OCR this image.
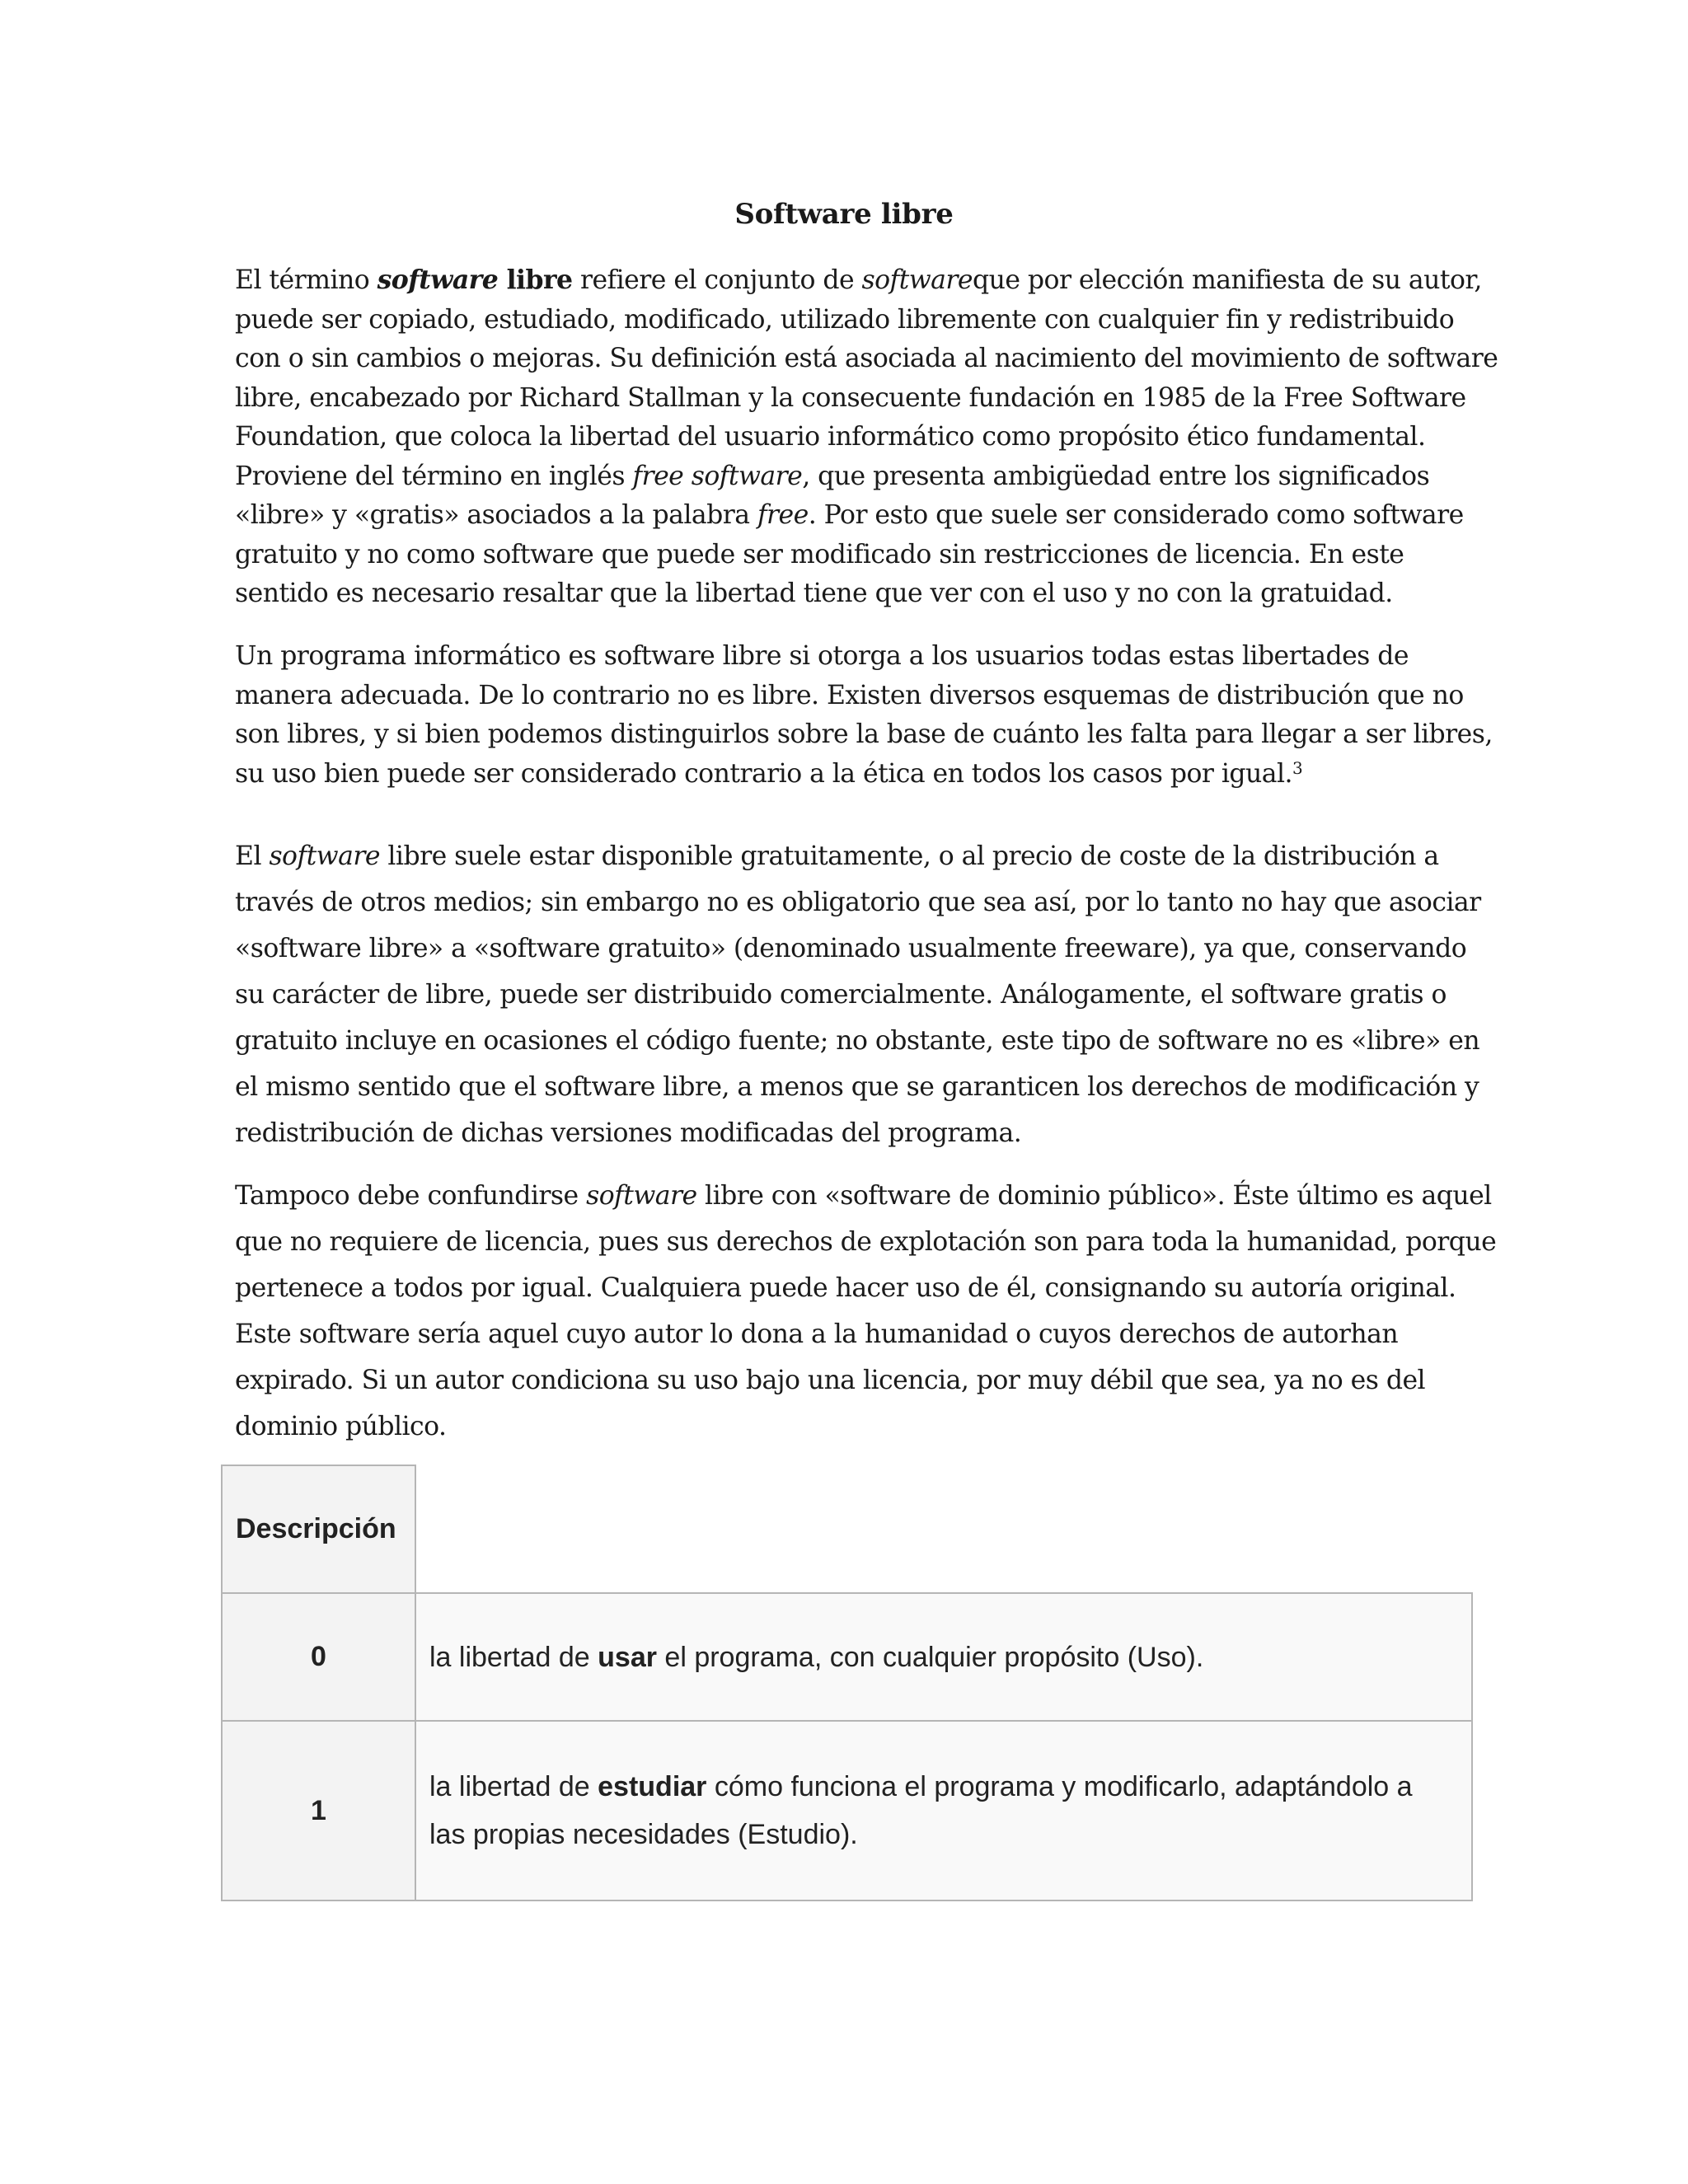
Software libre

El término software libre refiere el conjunto de softwareque por elección manifiesta de su autor,
puede ser copiado, estudiado, modificado, utilizado libremente con cualquier fin y redistribuido
con o sin cambios o mejoras. Su definición está asociada al nacimiento del movimiento de software
libre, encabezado por Richard Stallman y la consecuente fundación en 1985 de la Free Software
Foundation, que coloca la libertad del usuario informático como propósito ético fundamental.
Proviene del término en inglés free software, que presenta ambigüedad entre los significados
«libre» y «gratis» asociados a la palabra free. Por esto que suele ser considerado como software
gratuito y no como software que puede ser modificado sin restricciones de licencia. En este
sentido es necesario resaltar que la libertad tiene que ver con el uso y no con la gratuidad.

Un programa informático es software libre si otorga a los usuarios todas estas libertades de
manera adecuada. De lo contrario no es libre. Existen diversos esquemas de distribución que no
son libres, y si bien podemos distinguirlos sobre la base de cuánto les falta para llegar a ser libres,
su uso bien puede ser considerado contrario a la ética en todos los casos por igual.$^3$

El software libre suele estar disponible gratuitamente, o al precio de coste de la distribución a
través de otros medios; sin embargo no es obligatorio que sea así, por lo tanto no hay que asociar
«software libre» a «software gratuito» (denominado usualmente freeware), ya que, conservando
su carácter de libre, puede ser distribuido comercialmente. Análogamente, el software gratis o
gratuito incluye en ocasiones el código fuente; no obstante, este tipo de software no es «libre» en
el mismo sentido que el software libre, a menos que se garanticen los derechos de modificación y
redistribución de dichas versiones modificadas del programa.

Tampoco debe confundirse software libre con «software de dominio público». Éste último es aquel
que no requiere de licencia, pues sus derechos de explotación son para toda la humanidad, porque
pertenece a todos por igual. Cualquiera puede hacer uso de él, consignando su autoría original.
Este software sería aquel cuyo autor lo dona a la humanidad o cuyos derechos de autorhan
expirado. Si un autor condiciona su uso bajo una licencia, por muy débil que sea, ya no es del
dominio público.

Descripción
0	la libertad de usar el programa, con cualquier propósito (Uso).
1
la libertad de estudiar cómo funciona el programa y modificarlo, adaptándolo a
las propias necesidades (Estudio).
